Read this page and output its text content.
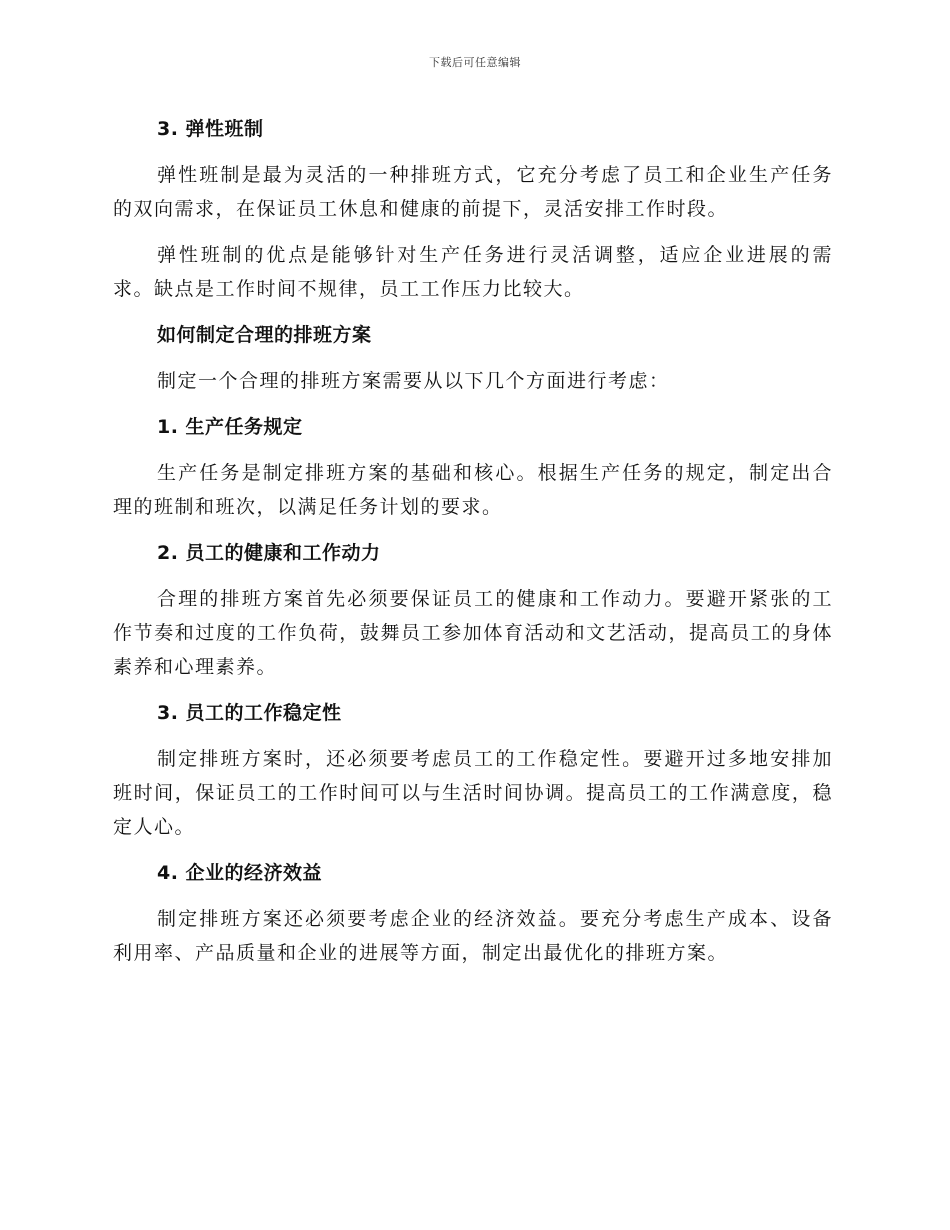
下载后可任意编辑
3. 弹性班制
弹性班制是最为灵活的一种排班方式，它充分考虑了员工和企业生产任务的双向需求，在保证员工休息和健康的前提下，灵活安排工作时段。
弹性班制的优点是能够针对生产任务进行灵活调整，适应企业进展的需求。缺点是工作时间不规律，员工工作压力比较大。
如何制定合理的排班方案
制定一个合理的排班方案需要从以下几个方面进行考虑：
1. 生产任务规定
生产任务是制定排班方案的基础和核心。根据生产任务的规定，制定出合理的班制和班次，以满足任务计划的要求。
2. 员工的健康和工作动力
合理的排班方案首先必须要保证员工的健康和工作动力。要避开紧张的工作节奏和过度的工作负荷，鼓舞员工参加体育活动和文艺活动，提高员工的身体素养和心理素养。
3. 员工的工作稳定性
制定排班方案时，还必须要考虑员工的工作稳定性。要避开过多地安排加班时间，保证员工的工作时间可以与生活时间协调。提高员工的工作满意度，稳定人心。
4. 企业的经济效益
制定排班方案还必须要考虑企业的经济效益。要充分考虑生产成本、设备利用率、产品质量和企业的进展等方面，制定出最优化的排班方案。
